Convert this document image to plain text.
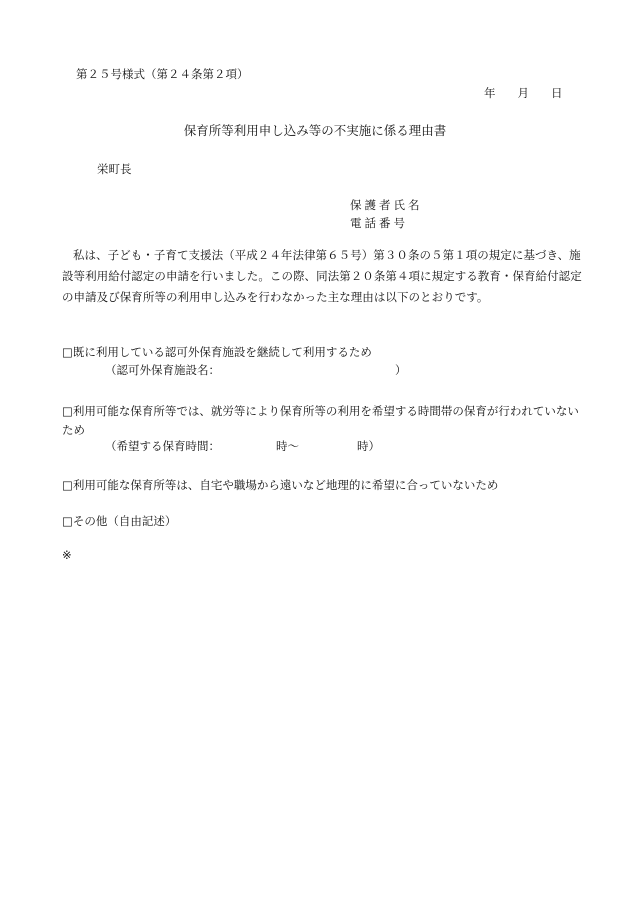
第２５号様式（第２４条第２項）
年 月 日
保育所等利用申し込み等の不実施に係る理由書
栄町長
保護者氏名
電話番号
私は、子ども・子育て支援法（平成２４年法律第６５号）第３０条の５第１項の規定に基づき、施設等利用給付認定の申請を行いました。この際、同法第２０条第４項に規定する教育・保育給付認定の申請及び保育所等の利用申し込みを行わなかった主な理由は以下のとおりです。
□既に利用している認可外保育施設を継続して利用するため
（認可外保育施設名：	）
□利用可能な保育所等では、就労等により保育所等の利用を希望する時間帯の保育が行われていないため
（希望する保育時間：	時～	時）
□利用可能な保育所等は、自宅や職場から遠いなど地理的に希望に合っていないため
□その他（自由記述）
※
